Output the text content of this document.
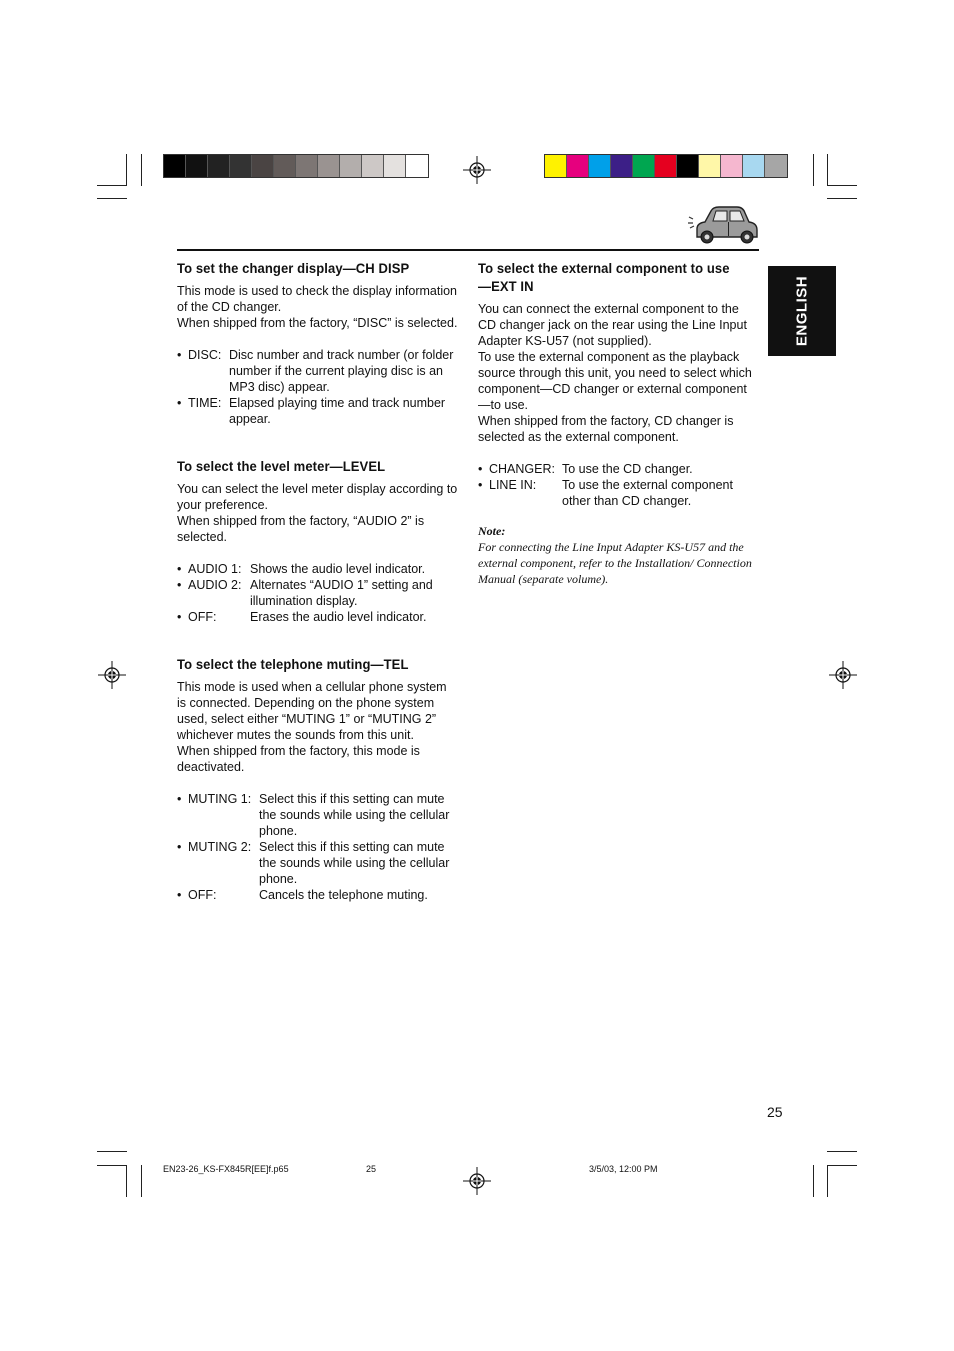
ENGLISH
To set the changer display—CH DISP

This mode is used to check the display information of the CD changer.

When shipped from the factory, “DISC” is selected.

• DISC: Disc number and track number (or folder number if the current playing disc is an MP3 disc) appear.
• TIME: Elapsed playing time and track number appear.
To select the level meter—LEVEL

You can select the level meter display according to your preference.

When shipped from the factory, “AUDIO 2” is selected.

• AUDIO 1: Shows the audio level indicator.
• AUDIO 2: Alternates “AUDIO 1” setting and illumination display.
• OFF:	Erases the audio level indicator.
To select the telephone muting—TEL

This mode is used when a cellular phone system is connected. Depending on the phone system used, select either “MUTING 1” or “MUTING 2” whichever mutes the sounds from this unit.

When shipped from the factory, this mode is deactivated.

• MUTING 1: Select this if this setting can mute the sounds while using the cellular phone.
• MUTING 2: Select this if this setting can mute the sounds while using the cellular phone.
• OFF:	Cancels the telephone muting.
To select the external component to use
—EXT IN

You can connect the external component to the CD changer jack on the rear using the Line Input Adapter KS-U57 (not supplied).

To use the external component as the playback source through this unit, you need to select which component—CD changer or external component—to use.

When shipped from the factory, CD changer is selected as the external component.

• CHANGER: To use the CD changer.
• LINE IN: To use the external component other than CD changer.
Note:
For connecting the Line Input Adapter KS-U57 and the external component, refer to the Installation/ Connection Manual (separate volume).
25
EN23-26_KS-FX845R[EE]f.p65	25	3/5/03, 12:00 PM
